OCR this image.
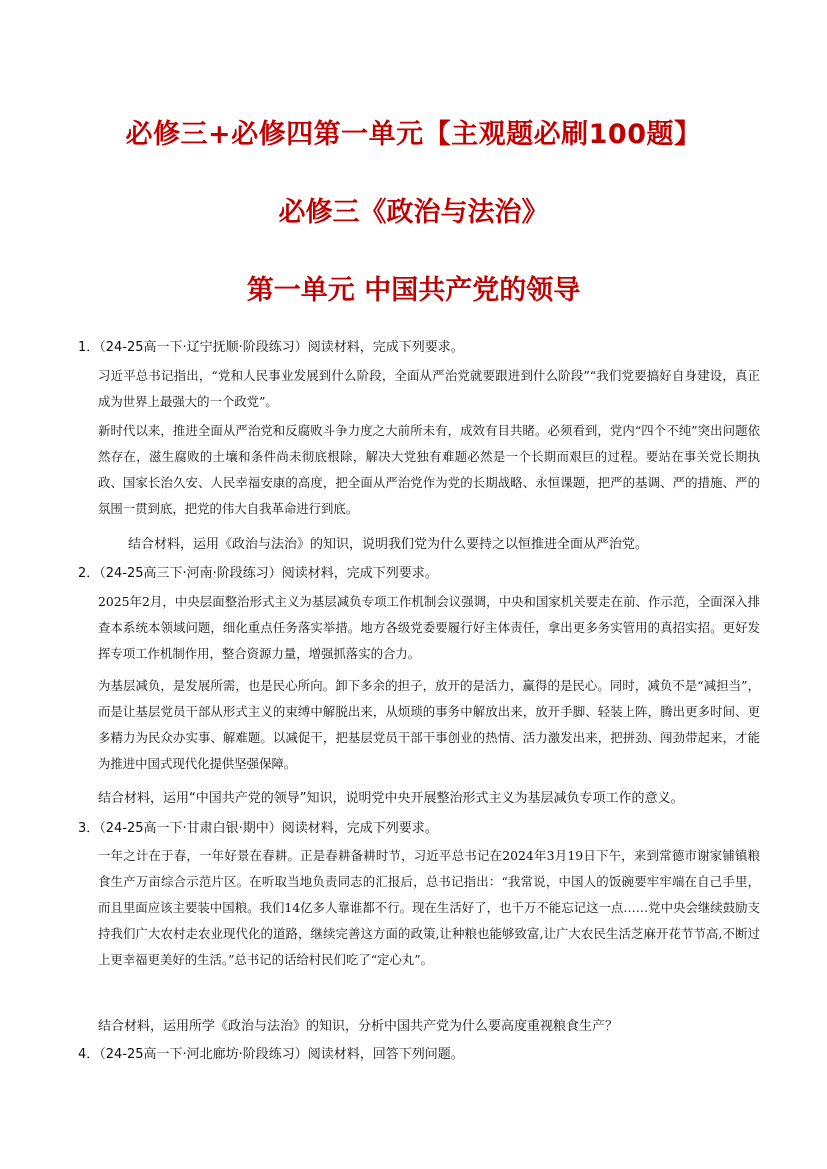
必修三+必修四第一单元【主观题必刷100题】
必修三《政治与法治》
第一单元 中国共产党的领导
1．（24-25高一下·辽宁抚顺·阶段练习）阅读材料，完成下列要求。
习近平总书记指出，“党和人民事业发展到什么阶段，全面从严治党就要跟进到什么阶段”“我们党要搞好自身建设，真正成为世界上最强大的一个政党”。
新时代以来，推进全面从严治党和反腐败斗争力度之大前所未有，成效有目共睹。必须看到，党内“四个不纯”突出问题依然存在，滋生腐败的土壤和条件尚未彻底根除，解决大党独有难题必然是一个长期而艰巨的过程。要站在事关党长期执政、国家长治久安、人民幸福安康的高度，把全面从严治党作为党的长期战略、永恒课题，把严的基调、严的措施、严的氛围一贯到底，把党的伟大自我革命进行到底。
结合材料，运用《政治与法治》的知识，说明我们党为什么要持之以恒推进全面从严治党。
2．（24-25高三下·河南·阶段练习）阅读材料，完成下列要求。
2025年2月，中央层面整治形式主义为基层减负专项工作机制会议强调，中央和国家机关要走在前、作示范，全面深入排查本系统本领域问题，细化重点任务落实举措。地方各级党委要履行好主体责任，拿出更多务实管用的真招实招。更好发挥专项工作机制作用，整合资源力量，增强抓落实的合力。
为基层减负，是发展所需，也是民心所向。卸下多余的担子，放开的是活力，赢得的是民心。同时，减负不是“减担当”，而是让基层党员干部从形式主义的束缚中解脱出来，从烦琐的事务中解放出来，放开手脚、轻装上阵，腾出更多时间、更多精力为民众办实事、解难题。以减促干，把基层党员干部干事创业的热情、活力激发出来，把拼劲、闯劲带起来，才能为推进中国式现代化提供坚强保障。
结合材料，运用“中国共产党的领导”知识，说明党中央开展整治形式主义为基层减负专项工作的意义。
3．（24-25高一下·甘肃白银·期中）阅读材料，完成下列要求。
一年之计在于春，一年好景在春耕。正是春耕备耕时节，习近平总书记在2024年3月19日下午，来到常德市谢家铺镇粮食生产万亩综合示范片区。在听取当地负责同志的汇报后，总书记指出：“我常说，中国人的饭碗要牢牢端在自己手里，而且里面应该主要装中国粮。我们14亿多人靠谁都不行。现在生活好了，也千万不能忘记这一点……党中央会继续鼓励支持我们广大农村走农业现代化的道路，继续完善这方面的政策,让种粮也能够致富,让广大农民生活芝麻开花节节高,不断过上更幸福更美好的生活。”总书记的话给村民们吃了“定心丸”。
结合材料，运用所学《政治与法治》的知识，分析中国共产党为什么要高度重视粮食生产？
4．（24-25高一下·河北廊坊·阶段练习）阅读材料，回答下列问题。
